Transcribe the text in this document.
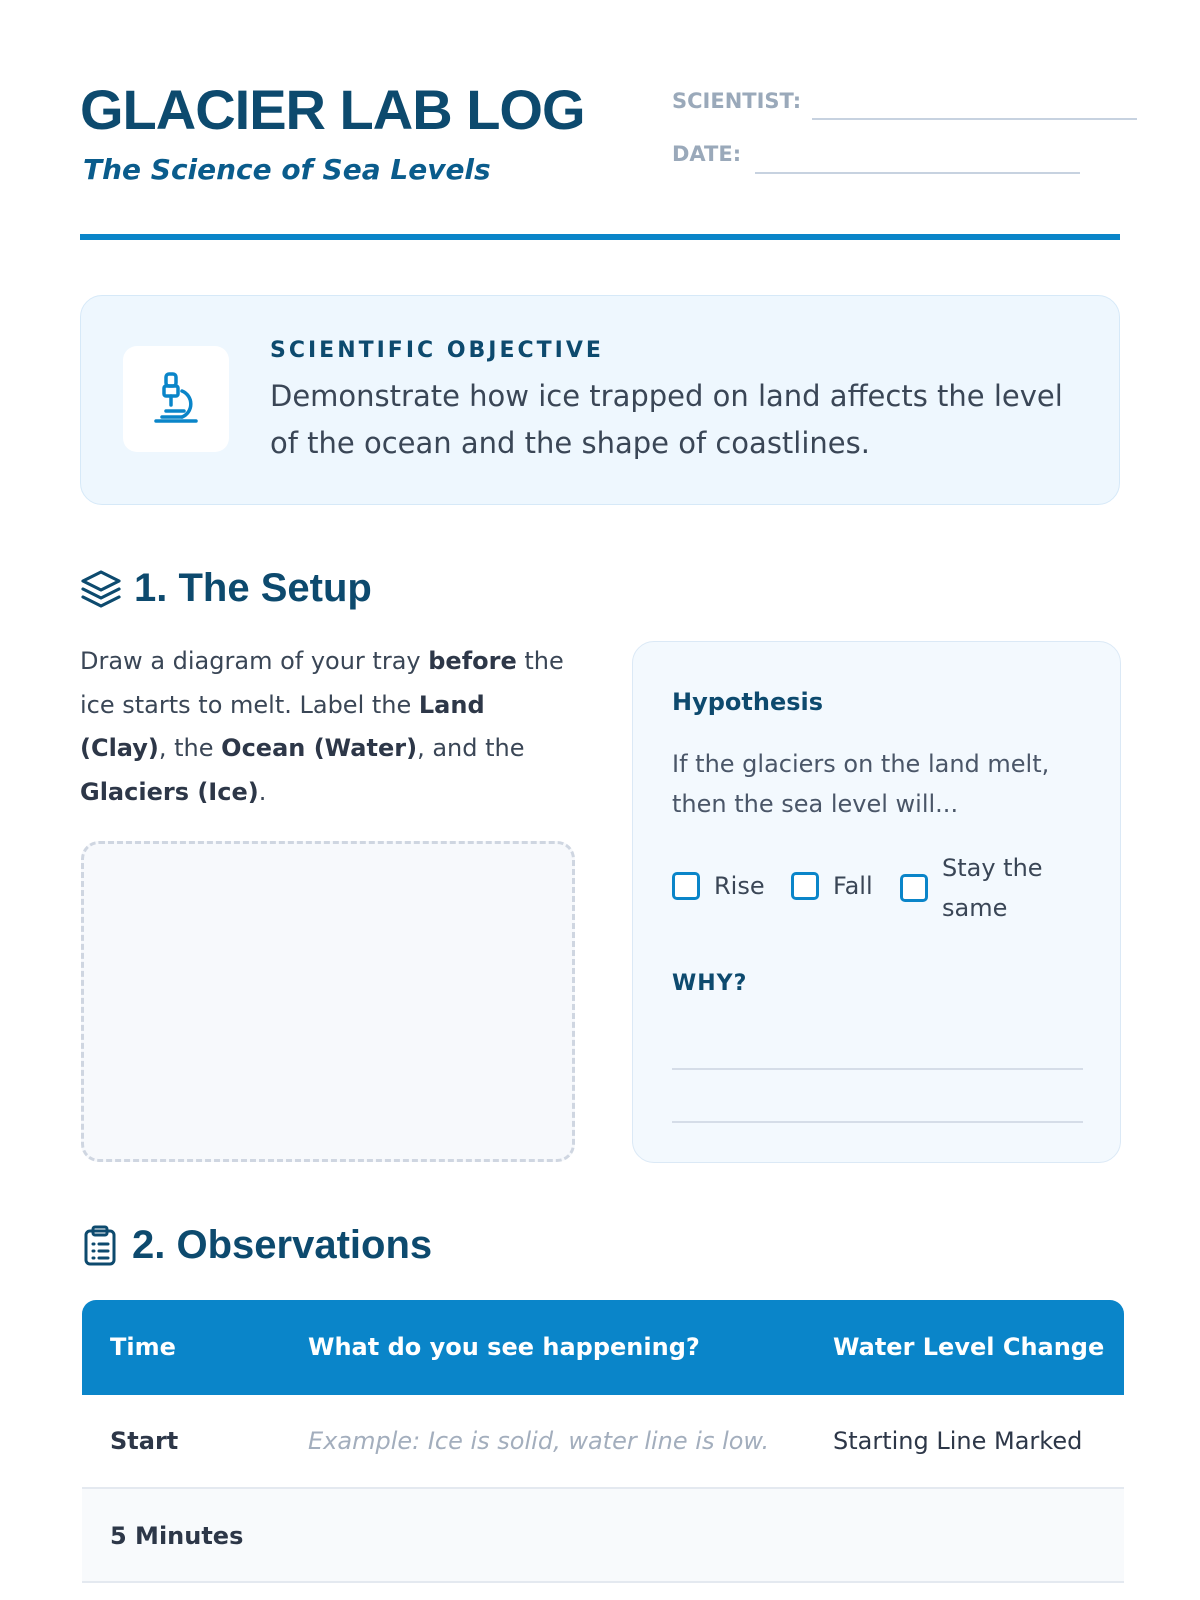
GLACIER LAB LOG
The Science of Sea Levels
SCIENTIST:
DATE:
SCIENTIFIC OBJECTIVE
Demonstrate how ice trapped on land affects the level of the ocean and the shape of coastlines.
1. The Setup
Draw a diagram of your tray before the ice starts to melt. Label the Land (Clay), the Ocean (Water), and the Glaciers (Ice).
Hypothesis
If the glaciers on the land melt, then the sea level will...
Rise	Fall
Stay the same
WHY?
2. Observations
Time	What do you see happening?	Water Level Change
Start	Example: Ice is solid, water line is low.	Starting Line Marked
5 Minutes
